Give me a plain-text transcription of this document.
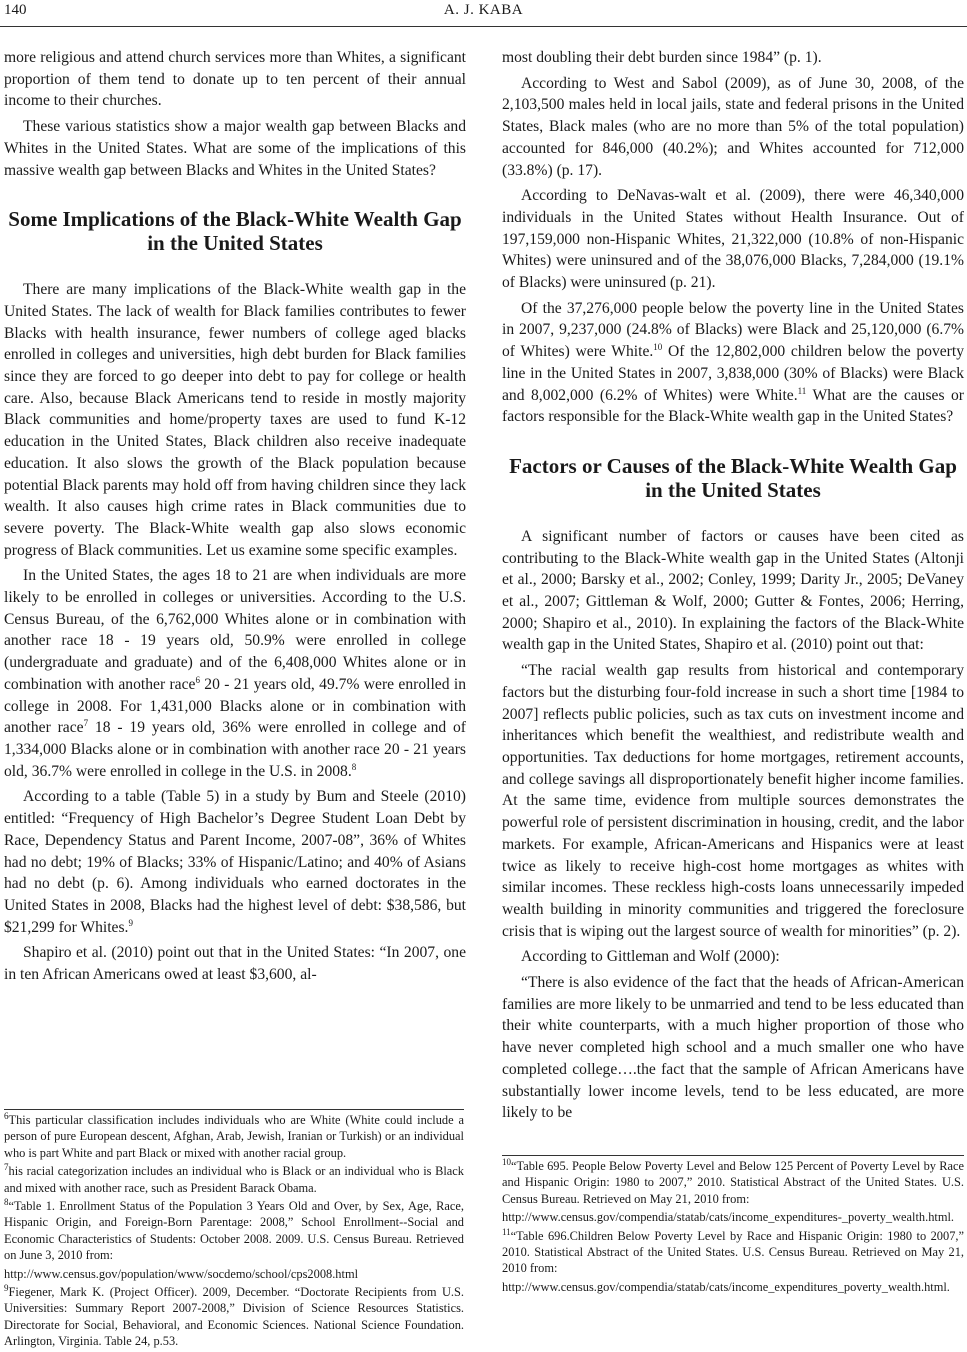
140	A. J. KABA

more religious and attend church services more than Whites, a significant proportion of them tend to donate up to ten percent of their annual income to their churches.

These various statistics show a major wealth gap between Blacks and Whites in the United States. What are some of the implications of this massive wealth gap between Blacks and Whites in the United States?

Some Implications of the Black-White Wealth Gap in the United States

There are many implications of the Black-White wealth gap in the United States. The lack of wealth for Black families contributes to fewer Blacks with health insurance, fewer numbers of college aged blacks enrolled in colleges and universities, high debt burden for Black families since they are forced to go deeper into debt to pay for college or health care. Also, because Black Americans tend to reside in mostly majority Black communities and home/property taxes are used to fund K-12 education in the United States, Black children also receive inadequate education. It also slows the growth of the Black population because potential Black parents may hold off from having children since they lack wealth. It also causes high crime rates in Black communities due to severe poverty. The Black-White wealth gap also slows economic progress of Black communities. Let us examine some specific examples.

In the United States, the ages 18 to 21 are when individuals are more likely to be enrolled in colleges or universities. According to the U.S. Census Bureau, of the 6,762,000 Whites alone or in combination with another race 18 - 19 years old, 50.9% were enrolled in college (undergraduate and graduate) and of the 6,408,000 Whites alone or in combination with another race$^6$ 20 - 21 years old, 49.7% were enrolled in college in 2008. For 1,431,000 Blacks alone or in combination with another race$^7$ 18 - 19 years old, 36% were enrolled in college and of 1,334,000 Blacks alone or in combination with another race 20 - 21 years old, 36.7% were enrolled in college in the U.S. in 2008.$^8$

According to a table (Table 5) in a study by Bum and Steele (2010) entitled: “Frequency of High Bachelor’s Degree Student Loan Debt by Race, Dependency Status and Parent Income, 2007-08”, 36% of Whites had no debt; 19% of Blacks; 33% of Hispanic/Latino; and 40% of Asians had no debt (p. 6). Among individuals who earned doctorates in the United States in 2008, Blacks had the highest level of debt: $38,586, but $21,299 for Whites.$^9$

Shapiro et al. (2010) point out that in the United States: “In 2007, one in ten African Americans owed at least $3,600, al-

most doubling their debt burden since 1984” (p. 1).

According to West and Sabol (2009), as of June 30, 2008, of the 2,103,500 males held in local jails, state and federal prisons in the United States, Black males (who are no more than 5% of the total population) accounted for 846,000 (40.2%); and Whites accounted for 712,000 (33.8%) (p. 17).

According to DeNavas-walt et al. (2009), there were 46,340,000 individuals in the United States without Health Insurance. Out of 197,159,000 non-Hispanic Whites, 21,322,000 (10.8% of non-Hispanic Whites) were uninsured and of the 38,076,000 Blacks, 7,284,000 (19.1% of Blacks) were uninsured (p. 21).

Of the 37,276,000 people below the poverty line in the United States in 2007, 9,237,000 (24.8% of Blacks) were Black and 25,120,000 (6.7% of Whites) were White.$^{10}$ Of the 12,802,000 children below the poverty line in the United States in 2007, 3,838,000 (30% of Blacks) were Black and 8,002,000 (6.2% of Whites) were White.$^{11}$ What are the causes or factors responsible for the Black-White wealth gap in the United States?

Factors or Causes of the Black-White Wealth Gap in the United States

A significant number of factors or causes have been cited as contributing to the Black-White wealth gap in the United States (Altonji et al., 2000; Barsky et al., 2002; Conley, 1999; Darity Jr., 2005; DeVaney et al., 2007; Gittleman & Wolf, 2000; Gutter & Fontes, 2006; Herring, 2000; Shapiro et al., 2010). In explaining the factors of the Black-White wealth gap in the United States, Shapiro et al. (2010) point out that:

“The racial wealth gap results from historical and contemporary factors but the disturbing four-fold increase in such a short time [1984 to 2007] reflects public policies, such as tax cuts on investment income and inheritances which benefit the wealthiest, and redistribute wealth and opportunities. Tax deductions for home mortgages, retirement accounts, and college savings all disproportionately benefit higher income families. At the same time, evidence from multiple sources demonstrates the powerful role of persistent discrimination in housing, credit, and the labor markets. For example, African-Americans and Hispanics were at least twice as likely to receive high-cost home mortgages as whites with similar incomes. These reckless high-costs loans unnecessarily impeded wealth building in minority communities and triggered the foreclosure crisis that is wiping out the largest source of wealth for minorities” (p. 2).

According to Gittleman and Wolf (2000):

“There is also evidence of the fact that the heads of African-American families are more likely to be unmarried and tend to be less educated than their white counterparts, with a much higher proportion of those who have never completed high school and a much smaller one who have completed college….the fact that the sample of African Americans have substantially lower income levels, tend to be less educated, are more likely to be

$^6$This particular classification includes individuals who are White (White could include a person of pure European descent, Afghan, Arab, Jewish, Iranian or Turkish) or an individual who is part White and part Black or mixed with another racial group.

$^7$his racial categorization includes an individual who is Black or an individual who is Black and mixed with another race, such as President Barack Obama.

$^8$“Table 1. Enrollment Status of the Population 3 Years Old and Over, by Sex, Age, Race, Hispanic Origin, and Foreign-Born Parentage: 2008,” School Enrollment--Social and Economic Characteristics of Students: October 2008. 2009. U.S. Census Bureau. Retrieved on June 3, 2010 from:

http://www.census.gov/population/www/socdemo/school/cps2008.html

$^9$Fiegener, Mark K. (Project Officer). 2009, December. “Doctorate Recipients from U.S. Universities: Summary Report 2007-2008,” Division of Science Resources Statistics. Directorate for Social, Behavioral, and Economic Sciences. National Science Foundation. Arlington, Virginia. Table 24, p.53.

$^{10}$“Table 695. People Below Poverty Level and Below 125 Percent of Poverty Level by Race and Hispanic Origin: 1980 to 2007,” 2010. Statistical Abstract of the United States. U.S. Census Bureau. Retrieved on May 21, 2010 from:

http://www.census.gov/compendia/statab/cats/income_expenditures-_poverty_wealth.html.

$^{11}$“Table 696.Children Below Poverty Level by Race and Hispanic Origin: 1980 to 2007,” 2010. Statistical Abstract of the United States. U.S. Census Bureau. Retrieved on May 21, 2010 from:

http://www.census.gov/compendia/statab/cats/income_expenditures_poverty_wealth.html.
